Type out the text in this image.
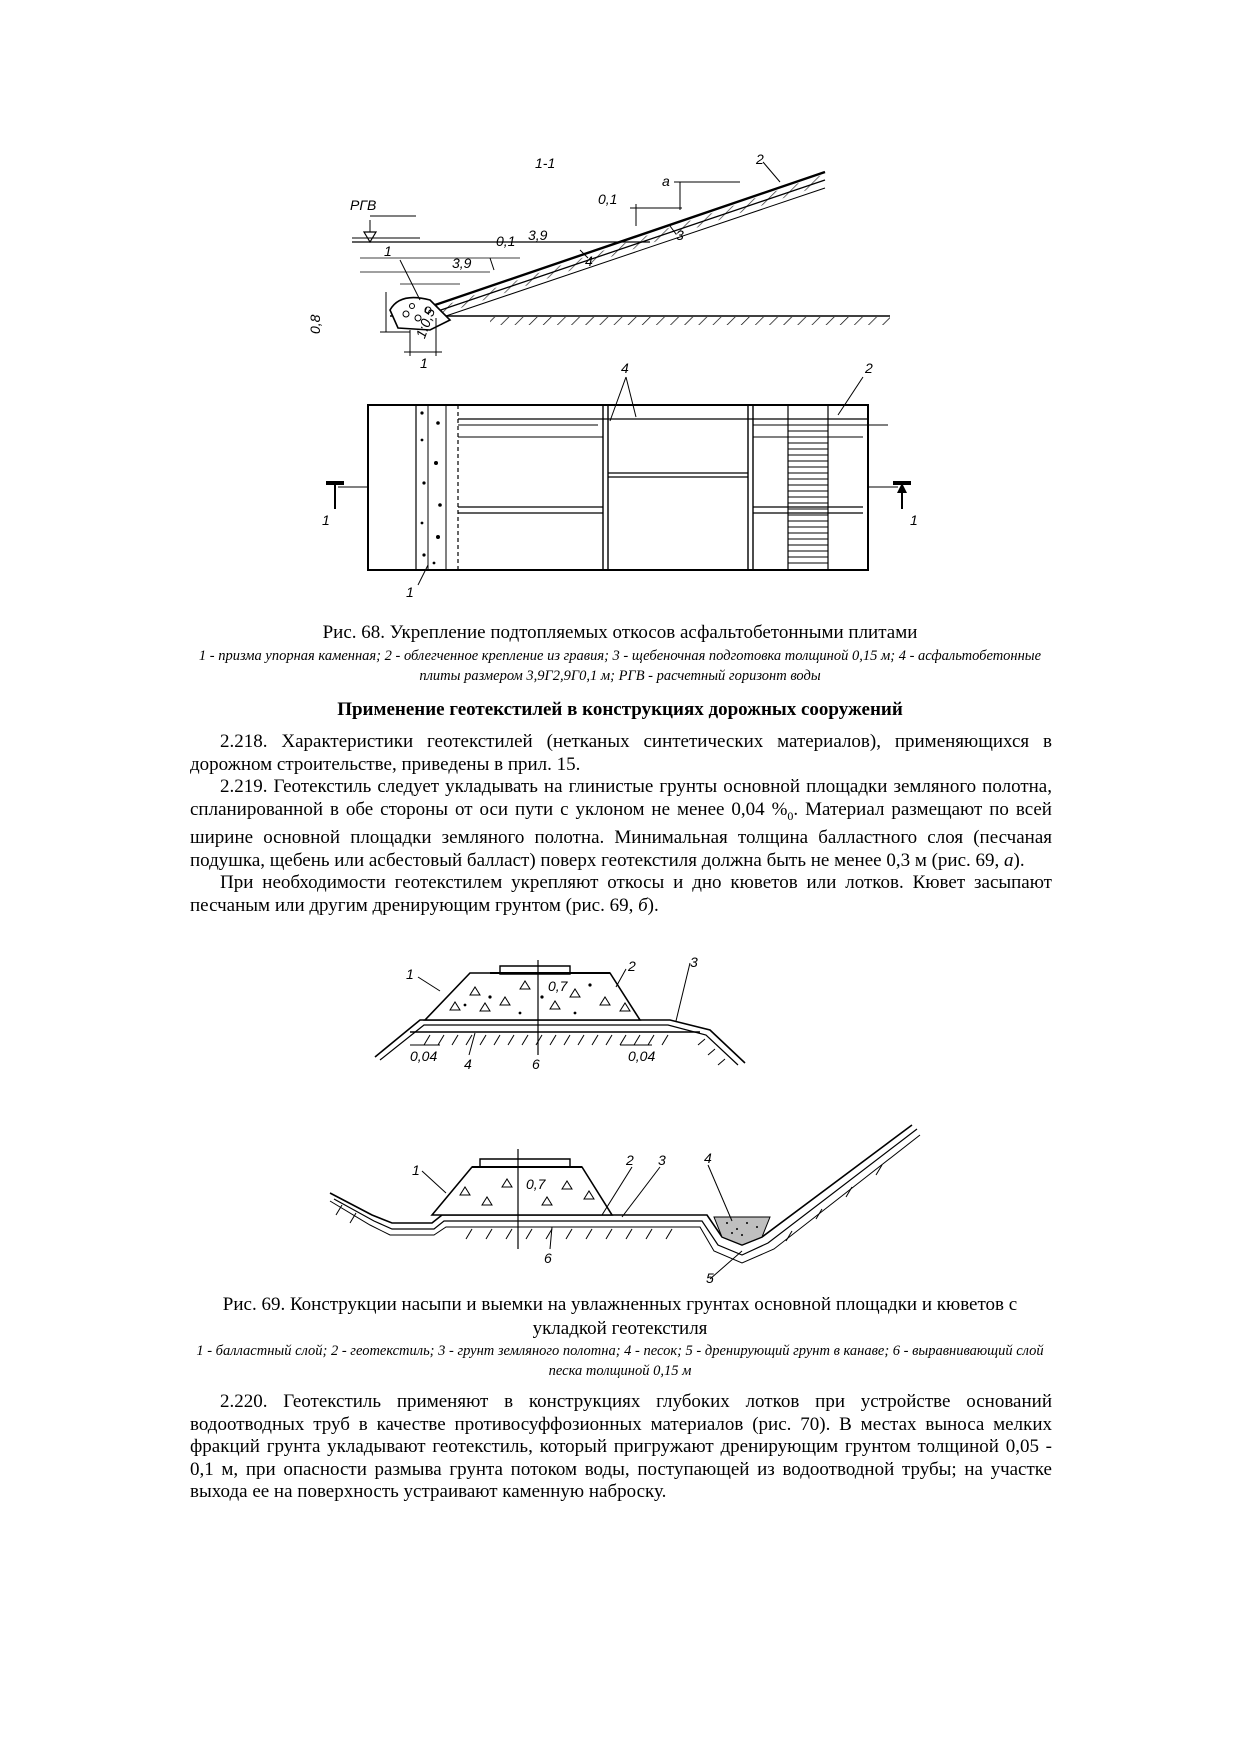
1-1	2
РГВ	0,1
a
3
0,1 3,9
4
1
3,9
0,8	1:0,5
1	4	2
1	1
1
Рис. 68. Укрепление подтопляемых откосов асфальтобетонными плитами
1 - призма упорная каменная; 2 - облегченное крепление из гравия; 3 - щебеночная подготовка толщиной 0,15 м; 4 - асфальтобетонные плиты размером 3,9Г2,9Г0,1 м; РГВ - расчетный горизонт воды
Применение геотекстилей в конструкциях дорожных сооружений

2.218. Характеристики геотекстилей (нетканых синтетических материалов), применяющихся в дорожном строительстве, приведены в прил. 15.

2.219. Геотекстиль следует укладывать на глинистые грунты основной площадки земляного полотна, спланированной в обе стороны от оси пути с уклоном не менее 0,04 $\%_0$. Материал размещают по всей ширине основной площадки земляного полотна. Минимальная толщина балластного слоя (песчаная подушка, щебень или асбестовый балласт) поверх геотекстиля должна быть не менее 0,3 м (рис. 69, а).

При необходимости геотекстилем укрепляют откосы и дно кюветов или лотков. Кювет засыпают песчаным или другим дренирующим грунтом (рис. 69, б).

0,7
1	2	3
0,04 4	6	0,04
0,7
1
2 3	4
5
6
Рис. 69. Конструкции насыпи и выемки на увлажненных грунтах основной площадки и кюветов с укладкой геотекстиля
1 - балластный слой; 2 - геотекстиль; 3 - грунт земляного полотна; 4 - песок; 5 - дренирующий грунт в канаве; 6 - выравнивающий слой песка толщиной 0,15 м

2.220. Геотекстиль применяют в конструкциях глубоких лотков при устройстве оснований водоотводных труб в качестве противосуффозионных материалов (рис. 70). В местах выноса мелких фракций грунта укладывают геотекстиль, который пригружают дренирующим грунтом толщиной 0,05 - 0,1 м, при опасности размыва грунта потоком воды, поступающей из водоотводной трубы; на участке выхода ее на поверхность устраивают каменную наброску.
